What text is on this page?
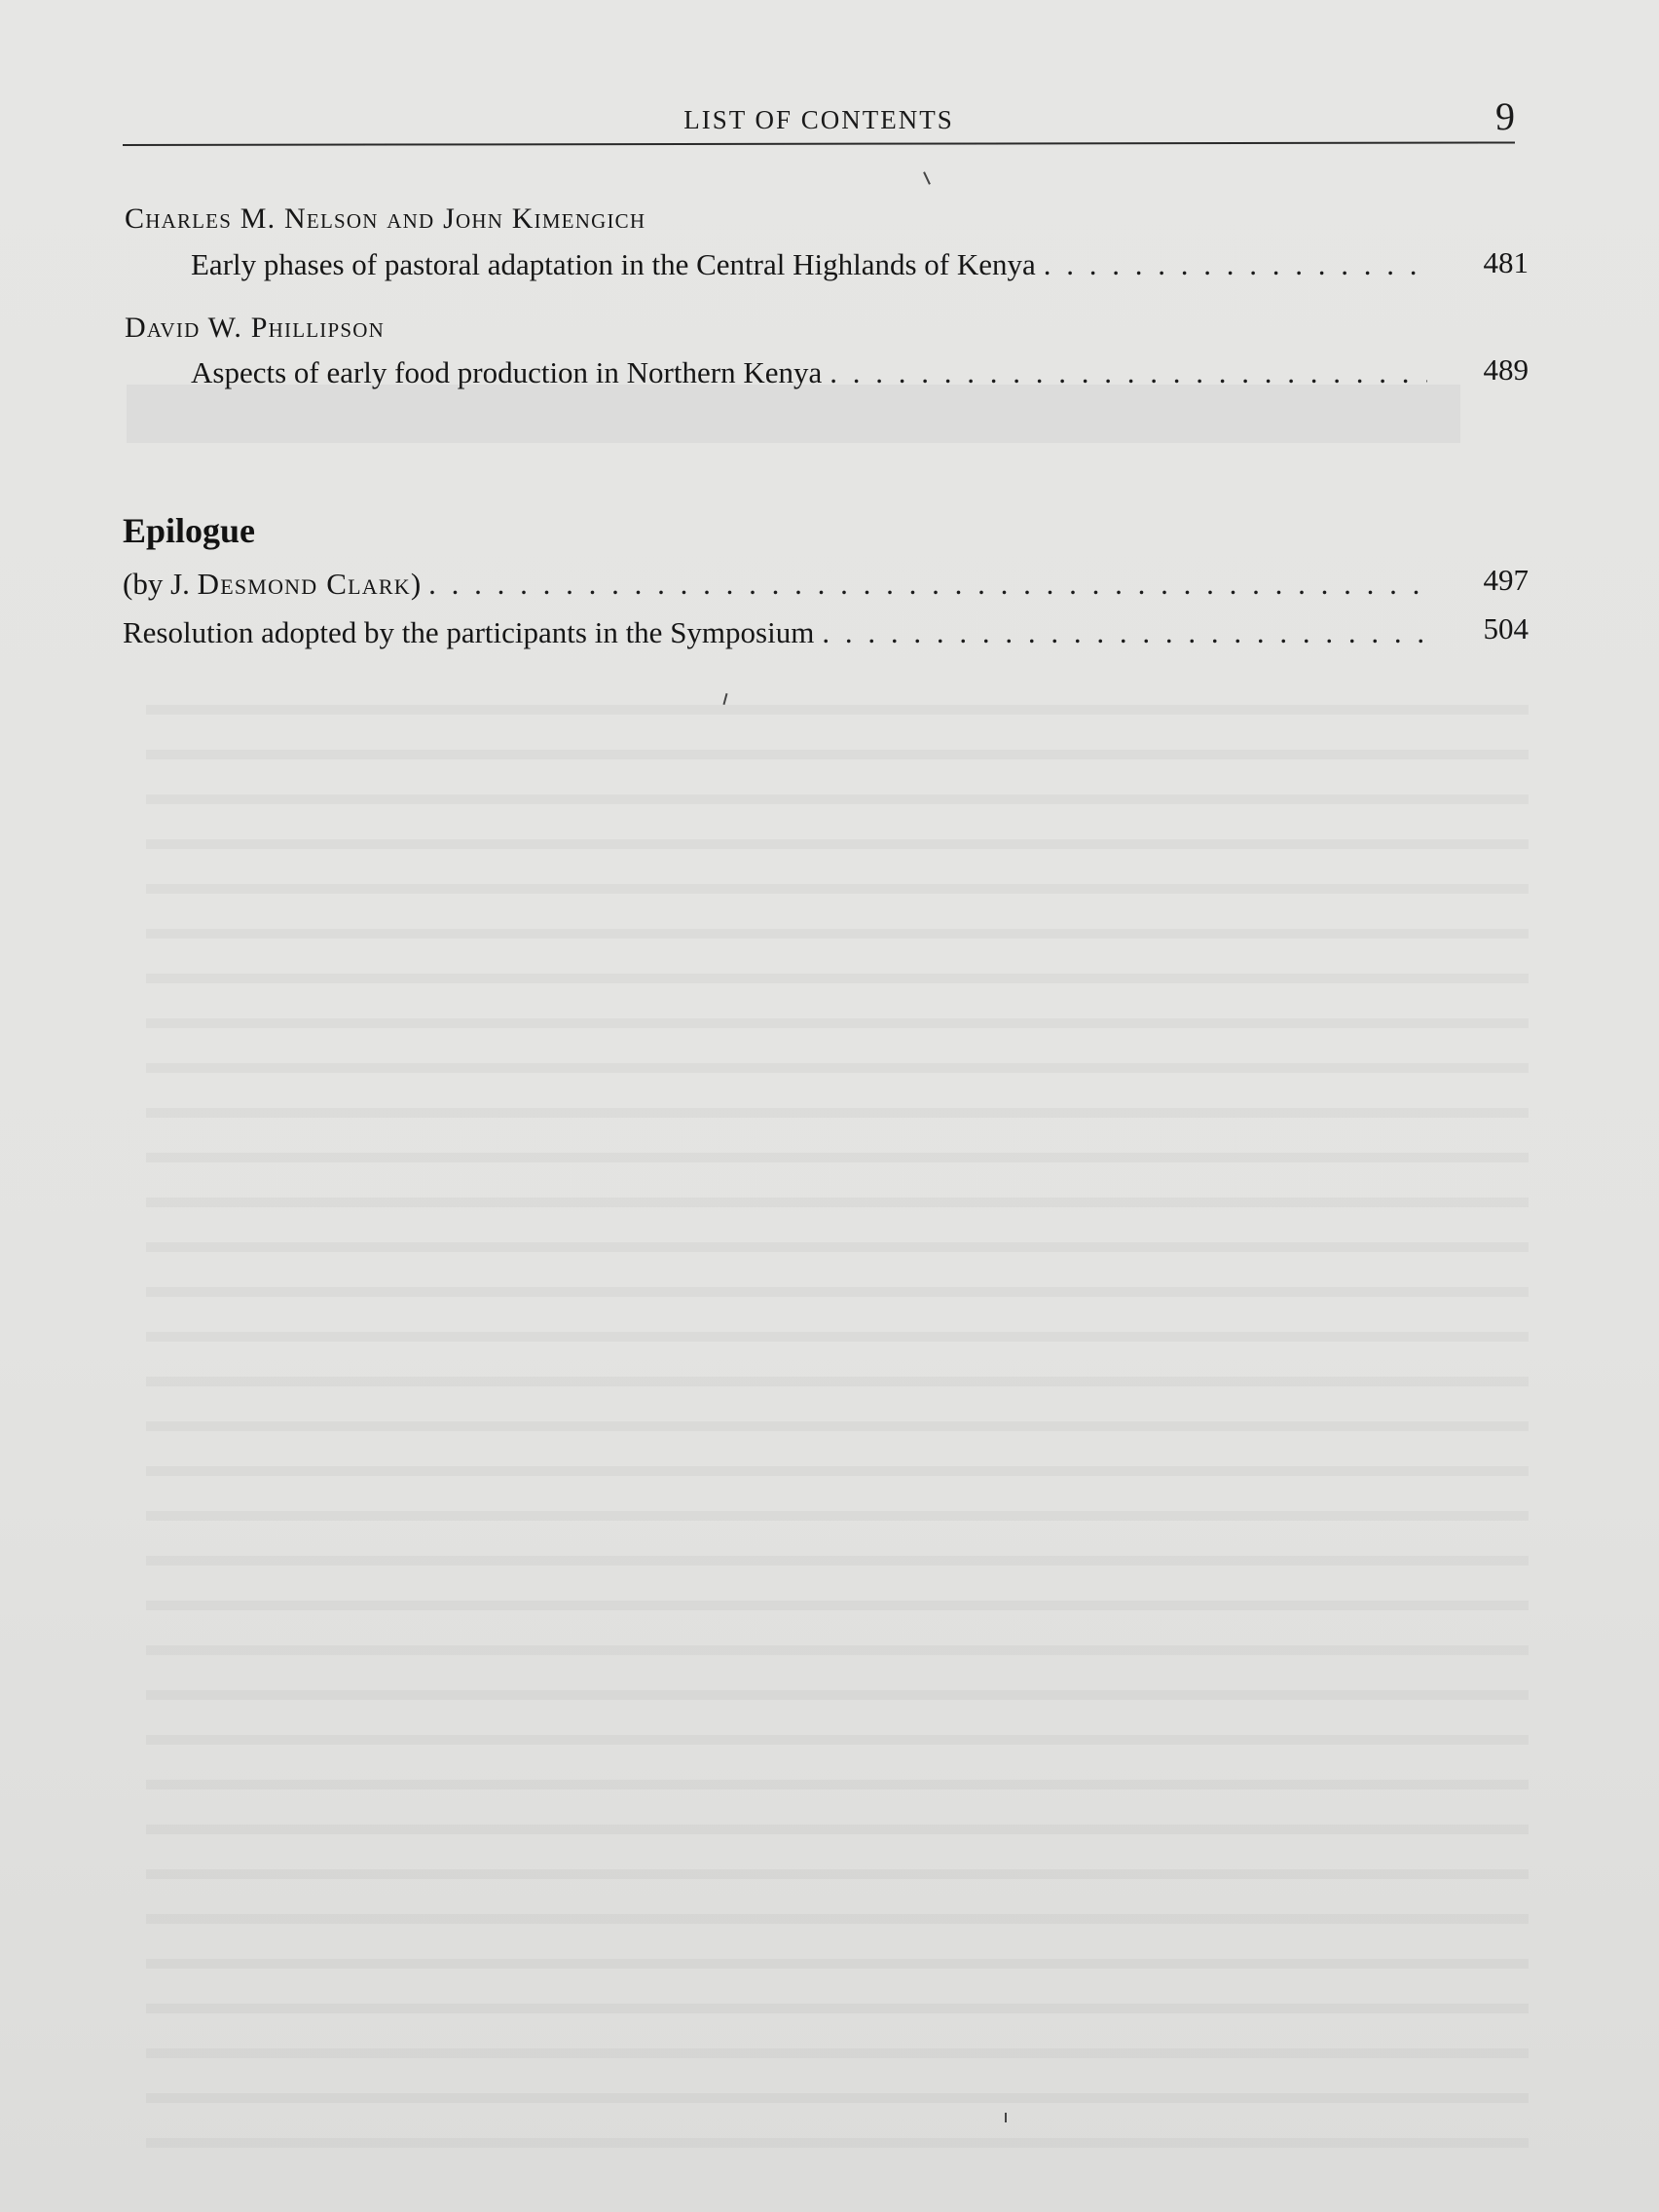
LIST OF CONTENTS	9
Charles M. Nelson and John Kimengich
Early phases of pastoral adaptation in the Central Highlands of Kenya . . .	481
David W. Phillipson
Aspects of early food production in Northern Kenya . . .	489
Epilogue
(by J. Desmond Clark) . . .	497
Resolution adopted by the participants in the Symposium . . .	504
